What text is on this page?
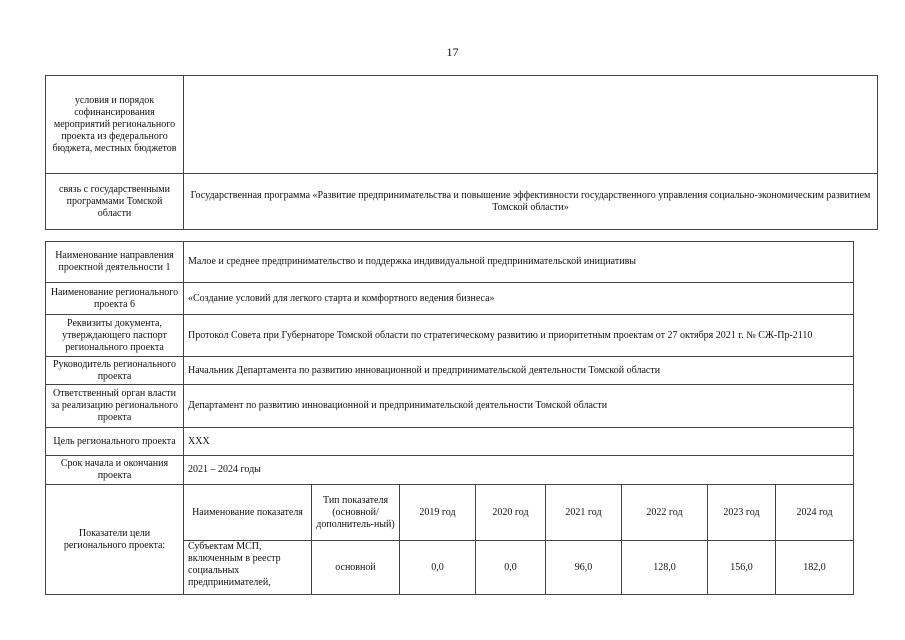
17
условия и порядок софинансирования мероприятий регионального проекта из федерального бюджета, местных бюджетов	
связь с государственными программами Томской области	Государственная программа «Развитие предпринимательства и повышение эффективности государственного управления социально-экономическим развитием Томской области»
Наименование направления проектной деятельности 1	Малое и среднее предпринимательство и поддержка индивидуальной предпринимательской инициативы							
Наименование регионального проекта 6	«Создание условий для легкого старта и комфортного ведения бизнеса»							
Реквизиты документа, утверждающего паспорт регионального проекта	Протокол Совета при Губернаторе Томской области по стратегическому развитию и приоритетным проектам от 27 октября 2021 г. № СЖ-Пр-2110							
Руководитель регионального проекта	Начальник Департамента по развитию инновационной и предпринимательской деятельности Томской области							
Ответственный орган власти за реализацию регионального проекта	Департамент по развитию инновационной и предпринимательской деятельности Томской области							
Цель регионального проекта	ХХХ							
Срок начала и окончания проекта	2021 – 2024 годы							
Показатели цели регионального проекта:	Наименование показателя	Тип показателя (основной/ дополнитель-ный)	2019 год	2020 год	2021 год	2022 год	2023 год	2024 год
	Субъектам МСП, включенным в реестр социальных предпринимателей,	основной	0,0	0,0	96,0	128,0	156,0	182,0
